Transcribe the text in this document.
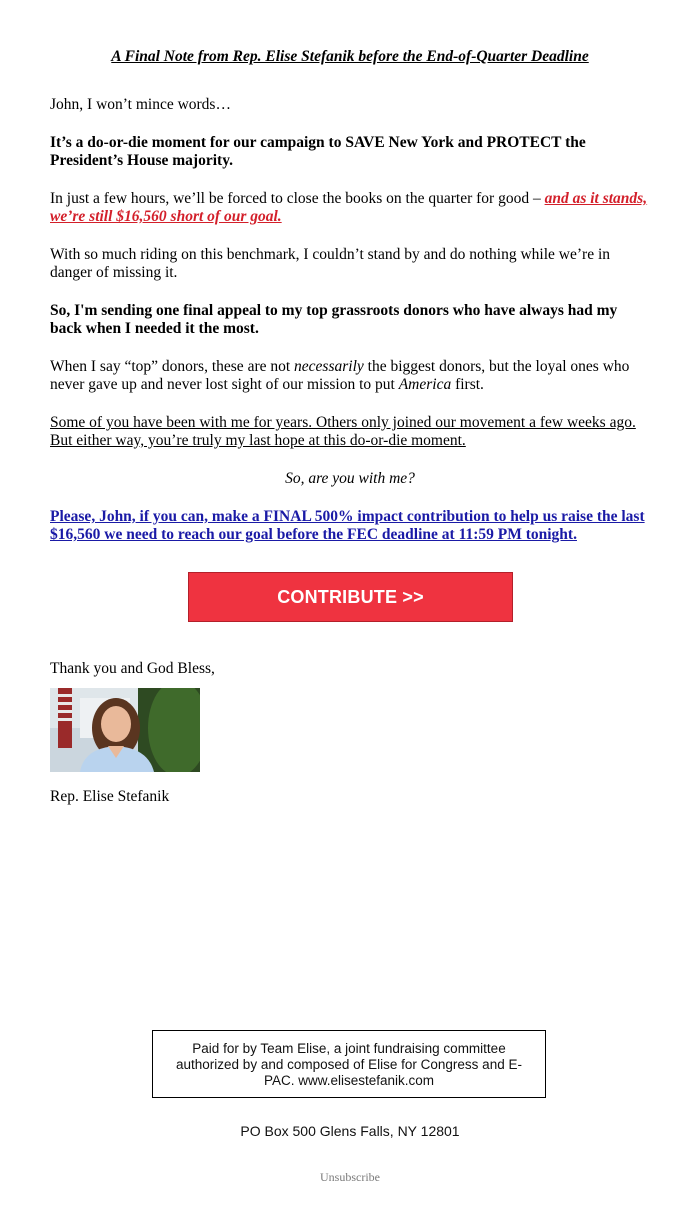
A Final Note from Rep. Elise Stefanik before the End-of-Quarter Deadline
John, I won’t mince words…
It’s a do-or-die moment for our campaign to SAVE New York and PROTECT the President’s House majority.
In just a few hours, we’ll be forced to close the books on the quarter for good – and as it stands, we’re still $16,560 short of our goal.
With so much riding on this benchmark, I couldn’t stand by and do nothing while we’re in danger of missing it.
So, I'm sending one final appeal to my top grassroots donors who have always had my back when I needed it the most.
When I say “top” donors, these are not necessarily the biggest donors, but the loyal ones who never gave up and never lost sight of our mission to put America first.
Some of you have been with me for years. Others only joined our movement a few weeks ago. But either way, you’re truly my last hope at this do-or-die moment.
So, are you with me?
Please, John, if you can, make a FINAL 500% impact contribution to help us raise the last $16,560 we need to reach our goal before the FEC deadline at 11:59 PM tonight.
CONTRIBUTE >>
Thank you and God Bless,
Rep. Elise Stefanik
Paid for by Team Elise, a joint fundraising committee authorized by and composed of Elise for Congress and E-PAC. www.elisestefanik.com
PO Box 500 Glens Falls, NY 12801
Unsubscribe
